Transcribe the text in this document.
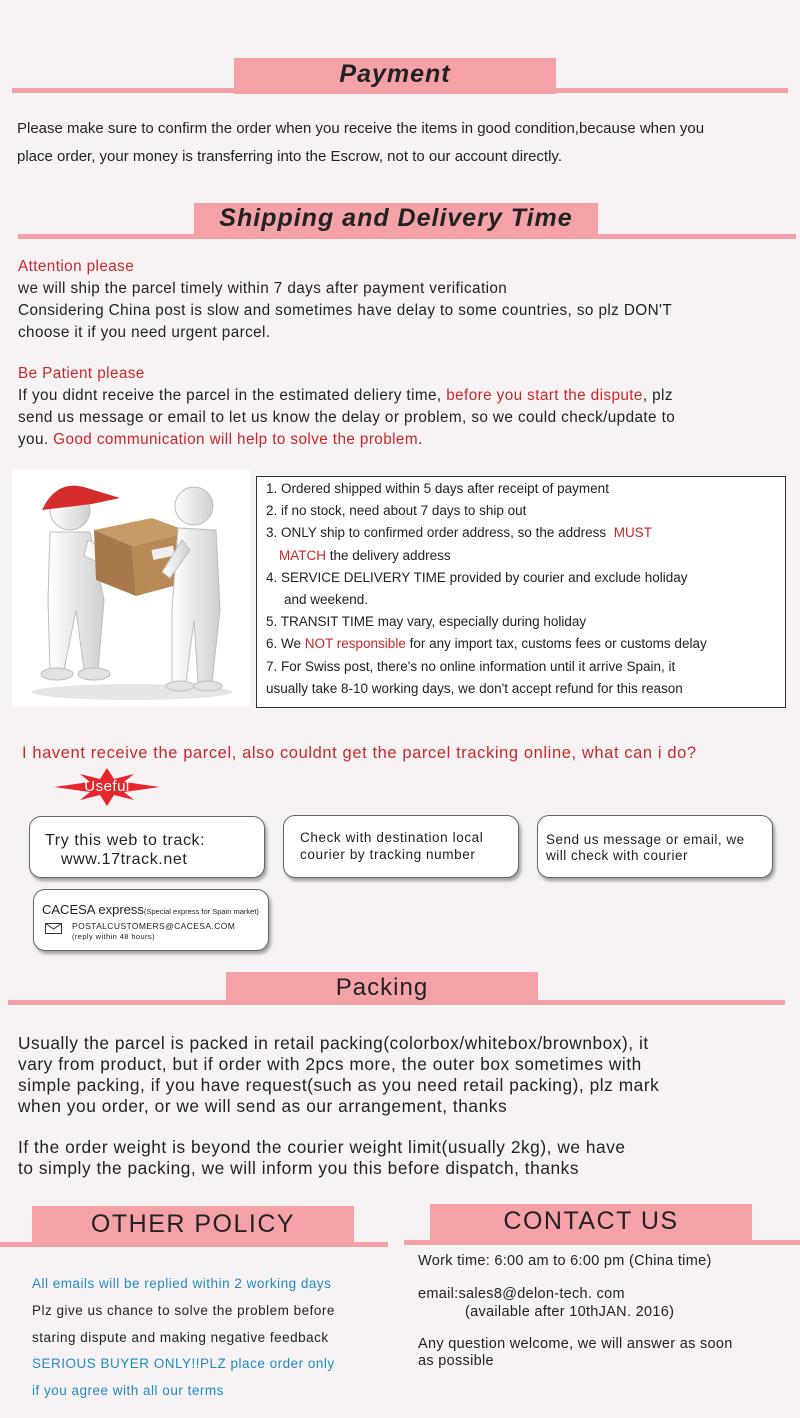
Payment
Please make sure to confirm the order when you receive the items in good condition,because when you
place order, your money is transferring into the Escrow, not to our account directly.
Shipping and Delivery Time
Attention please
we will ship the parcel timely within 7 days after payment verification
Considering China post is slow and sometimes have delay to some countries, so plz DON'T
choose it if you need urgent parcel.
Be Patient please
If you didnt receive the parcel in the estimated deliery time, before you start the dispute, plz
send us message or email to let us know the delay or problem, so we could check/update to
you. Good communication will help to solve the problem.
1. Ordered shipped within 5 days after receipt of payment
2. if no stock, need about 7 days to ship out
3. ONLY ship to confirmed order address, so the address MUST
MATCH the delivery address
4. SERVICE DELIVERY TIME provided by courier and exclude holiday
and weekend.
5. TRANSIT TIME may vary, especially during holiday
6. We NOT responsible for any import tax, customs fees or customs delay
7. For Swiss post, there's no online information until it arrive Spain, it
usually take 8-10 working days, we don't accept refund for this reason
I havent receive the parcel, also couldnt get the parcel tracking online, what can i do?
Useful
Try this web to track:
www.17track.net
Check with destination local
courier by tracking number
Send us message or email, we
will check with courier
CACESA express(Special express for Spain market)
POSTALCUSTOMERS@CACESA.COM
(reply within 48 hours)
Packing
Usually the parcel is packed in retail packing(colorbox/whitebox/brownbox), it
vary from product, but if order with 2pcs more, the outer box sometimes with
simple packing, if you have request(such as you need retail packing), plz mark
when you order, or we will send as our arrangement, thanks
If the order weight is beyond the courier weight limit(usually 2kg), we have
to simply the packing, we will inform you this before dispatch, thanks
OTHER POLICY
All emails will be replied within 2 working days
Plz give us chance to solve the problem before
staring dispute and making negative feedback
SERIOUS BUYER ONLY!!PLZ place order only
if you agree with all our terms
CONTACT US
Work time: 6:00 am to 6:00 pm (China time)
email:sales8@delon-tech. com
(available after 10thJAN. 2016)
Any question welcome, we will answer as soon
as possible
